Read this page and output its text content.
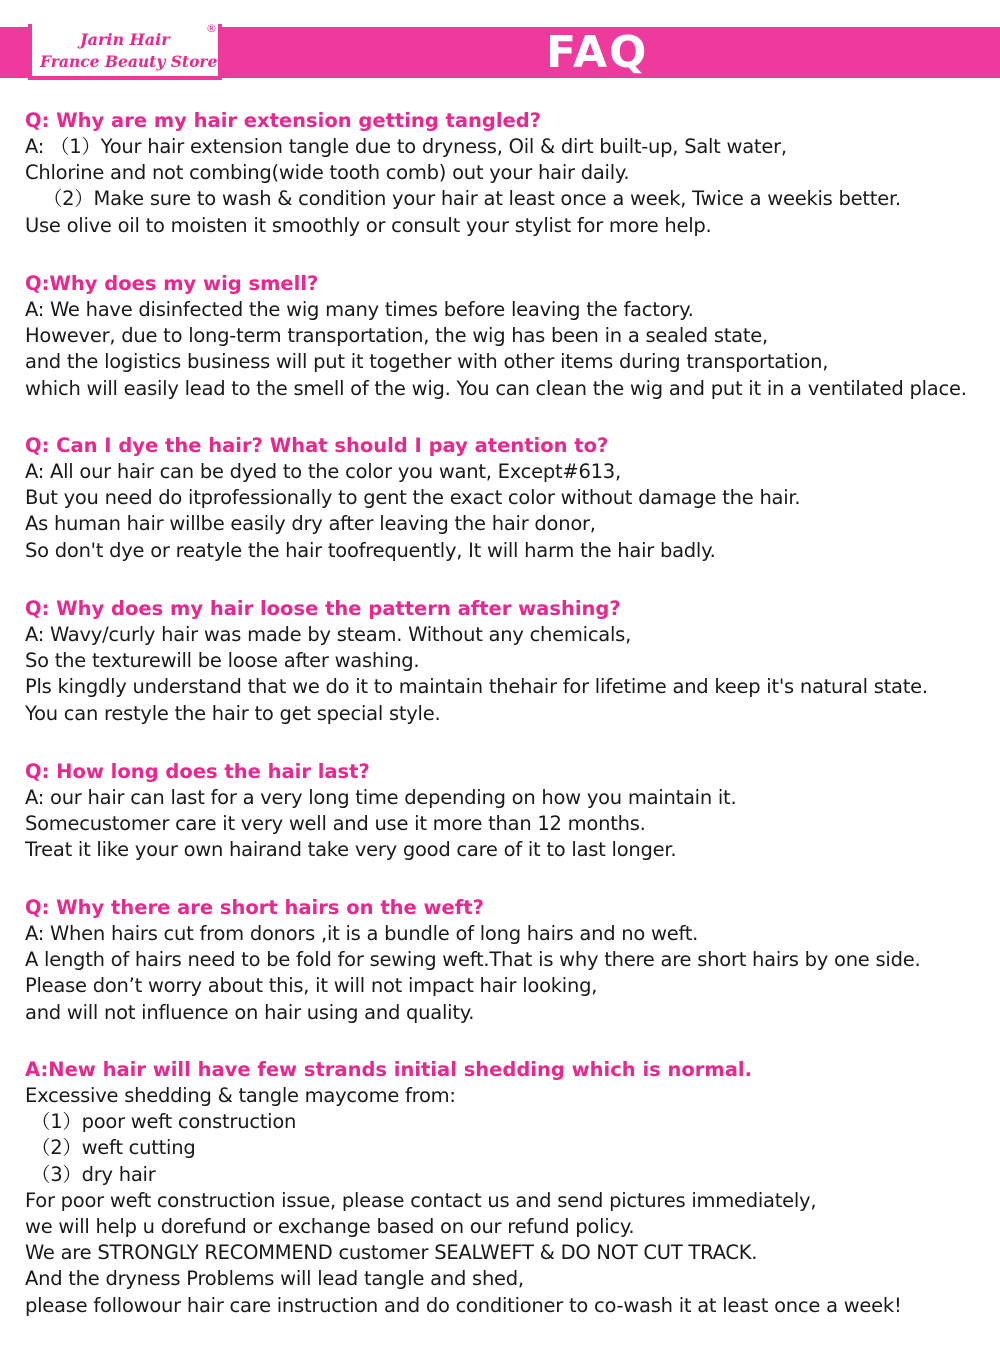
Jarin Hair
France Beauty Store
®	FAQ
Q: Why are my hair extension getting tangled?
A: （1）Your hair extension tangle due to dryness, Oil & dirt built-up, Salt water,
Chlorine and not combing(wide tooth comb) out your hair daily.
（2）Make sure to wash & condition your hair at least once a week, Twice a weekis better.
Use olive oil to moisten it smoothly or consult your stylist for more help.
Q:Why does my wig smell?
A: We have disinfected the wig many times before leaving the factory.
However, due to long-term transportation, the wig has been in a sealed state,
and the logistics business will put it together with other items during transportation,
which will easily lead to the smell of the wig. You can clean the wig and put it in a ventilated place.
Q: Can I dye the hair? What should I pay atention to?
A: All our hair can be dyed to the color you want, Except#613,
But you need do itprofessionally to gent the exact color without damage the hair.
As human hair willbe easily dry after leaving the hair donor,
So don't dye or reatyle the hair toofrequently, It will harm the hair badly.
Q: Why does my hair loose the pattern after washing?
A: Wavy/curly hair was made by steam. Without any chemicals,
So the texturewill be loose after washing.
Pls kingdly understand that we do it to maintain thehair for lifetime and keep it's natural state.
You can restyle the hair to get special style.
Q: How long does the hair last?
A: our hair can last for a very long time depending on how you maintain it.
Somecustomer care it very well and use it more than 12 months.
Treat it like your own hairand take very good care of it to last longer.
Q: Why there are short hairs on the weft?
A: When hairs cut from donors ,it is a bundle of long hairs and no weft.
A length of hairs need to be fold for sewing weft.That is why there are short hairs by one side.
Please don’t worry about this, it will not impact hair looking,
and will not influence on hair using and quality.
A:New hair will have few strands initial shedding which is normal.
Excessive shedding & tangle maycome from:
（1）poor weft construction
（2）weft cutting
（3）dry hair
For poor weft construction issue, please contact us and send pictures immediately,
we will help u dorefund or exchange based on our refund policy.
We are STRONGLY RECOMMEND customer SEALWEFT & DO NOT CUT TRACK.
And the dryness Problems will lead tangle and shed,
please followour hair care instruction and do conditioner to co-wash it at least once a week!
